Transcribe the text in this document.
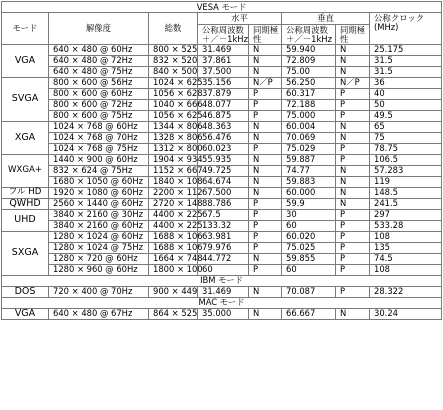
VESA モード							
モード	解像度	総数	水平		垂直		公称クロック(MHz)
			公称周波数＋／－1kHz	同期極性	公称周波数＋／－1kHz	同期極性	
VGA	640 × 480 @ 60Hz	800 × 525	31.469	N	59.940	N	25.175
	640 × 480 @ 72Hz	832 × 520	37.861	N	72.809	N	31.5
	640 × 480 @ 75Hz	840 × 500	37.500	N	75.00	N	31.5
SVGA	800 × 600 @ 56Hz	1024 × 625	35.156	N／P	56.250	N／P	36
	800 × 600 @ 60Hz	1056 × 628	37.879	P	60.317	P	40
	800 × 600 @ 72Hz	1040 × 666	48.077	P	72.188	P	50
	800 × 600 @ 75Hz	1056 × 625	46.875	P	75.000	P	49.5
XGA	1024 × 768 @ 60Hz	1344 × 806	48.363	N	60.004	N	65
	1024 × 768 @ 70Hz	1328 × 806	56.476	N	70.069	N	75
	1024 × 768 @ 75Hz	1312 × 800	60.023	P	75.029	P	78.75
WXGA+	1440 × 900 @ 60Hz	1904 × 934	55.935	N	59.887	P	106.5
	832 × 624 @ 75Hz	1152 × 667	49.725	N	74.77	N	57.283
	1680 × 1050 @ 60Hz	1840 × 108	64.674	N	59.883	N	119
フル HD	1920 × 1080 @ 60Hz	2200 × 112	67.500	N	60.000	N	148.5
QWHD	2560 × 1440 @ 60Hz	2720 × 148	88.786	P	59.9	N	241.5
UHD	3840 × 2160 @ 30Hz	4400 × 225	67.5	P	30	P	297
	3840 × 2160 @ 60Hz	4400 × 225	133.32	P	60	P	533.28
SXGA	1280 × 1024 @ 60Hz	1688 × 106	63.981	P	60.020	P	108
	1280 × 1024 @ 75Hz	1688 × 106	79.976	P	75.025	P	135
	1280 × 720 @ 60Hz	1664 × 748	44.772	N	59.855	P	74.5
	1280 × 960 @ 60Hz	1800 × 100	60	P	60	P	108
IBM モード							
DOS	720 × 400 @ 70Hz	900 × 449	31.469	N	70.087	P	28.322
MAC モード							
VGA	640 × 480 @ 67Hz	864 × 525	35.000	N	66.667	N	30.24
